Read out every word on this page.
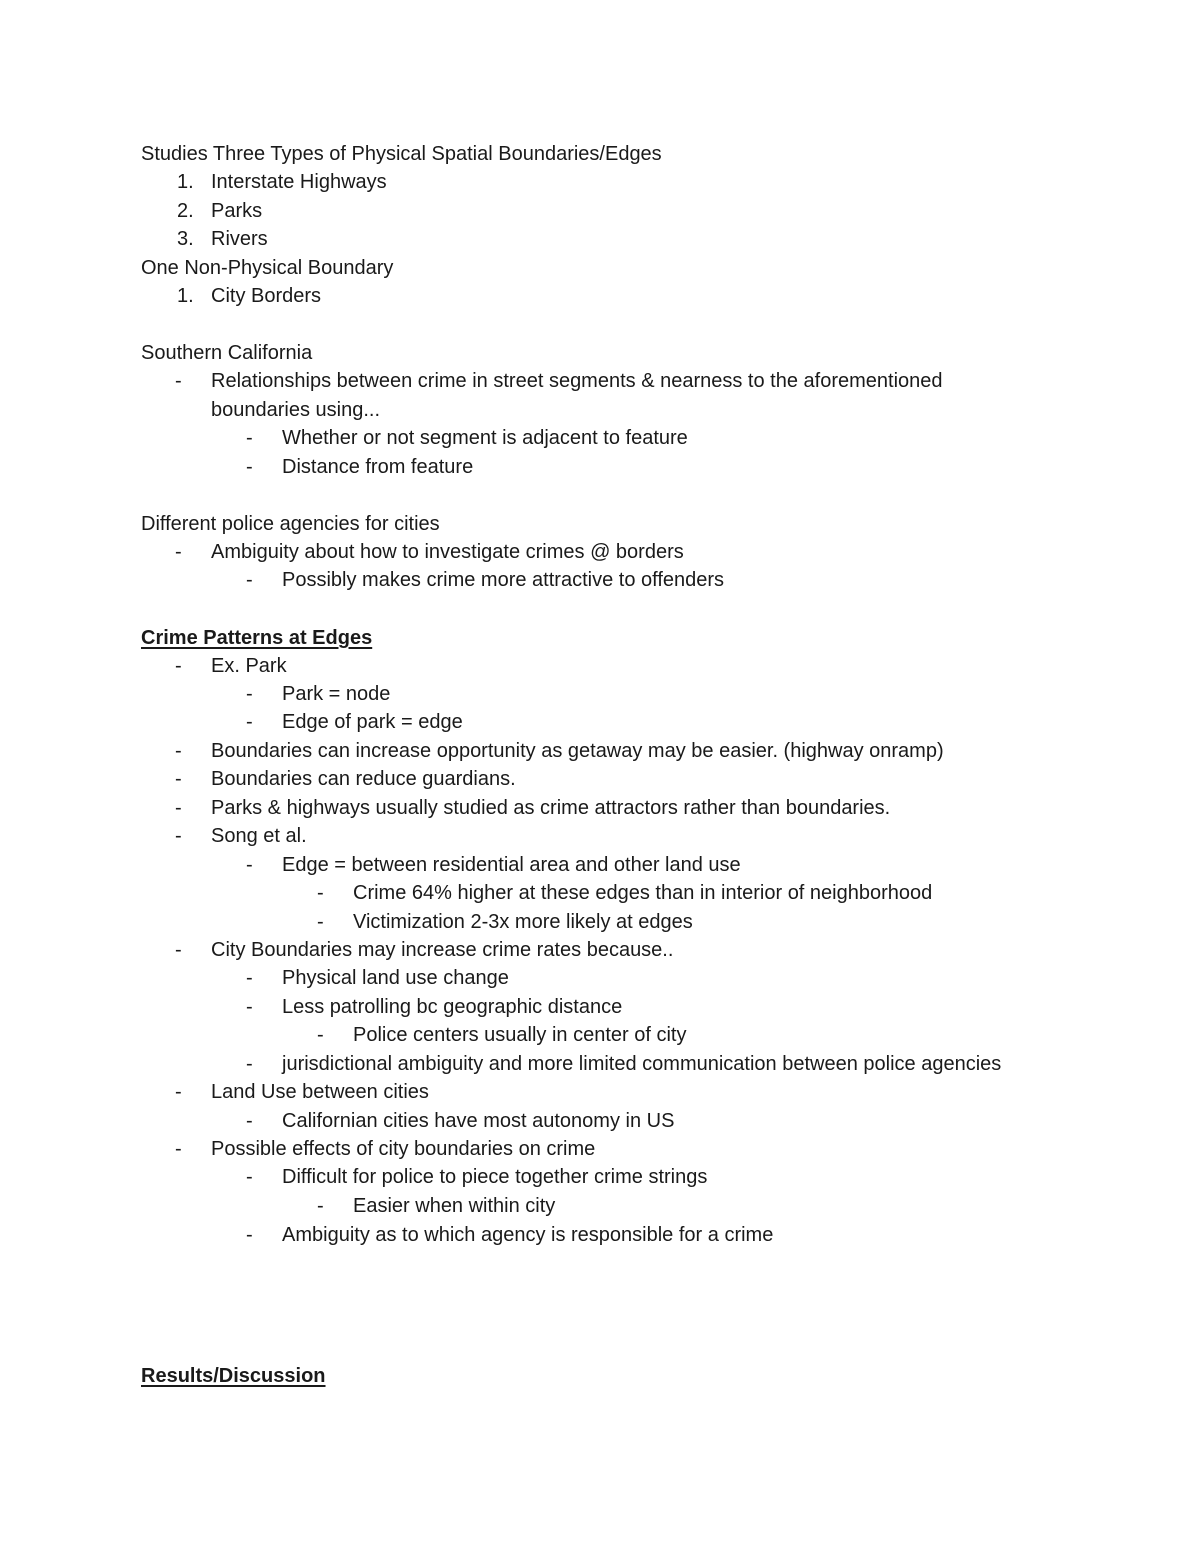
Studies Three Types of Physical Spatial Boundaries/Edges
1. Interstate Highways
2. Parks
3. Rivers
One Non-Physical Boundary
1. City Borders
Southern California
- Relationships between crime in street segments & nearness to the aforementioned
boundaries using...
- Whether or not segment is adjacent to feature
- Distance from feature
Different police agencies for cities
- Ambiguity about how to investigate crimes @ borders
- Possibly makes crime more attractive to offenders
Crime Patterns at Edges
- Ex. Park
- Park = node
- Edge of park = edge
- Boundaries can increase opportunity as getaway may be easier. (highway onramp)
- Boundaries can reduce guardians.
- Parks & highways usually studied as crime attractors rather than boundaries.
- Song et al.
- Edge = between residential area and other land use
- Crime 64% higher at these edges than in interior of neighborhood
- Victimization 2-3x more likely at edges
- City Boundaries may increase crime rates because..
- Physical land use change
- Less patrolling bc geographic distance
- Police centers usually in center of city
- jurisdictional ambiguity and more limited communication between police agencies
- Land Use between cities
- Californian cities have most autonomy in US
- Possible effects of city boundaries on crime
- Difficult for police to piece together crime strings
- Easier when within city
- Ambiguity as to which agency is responsible for a crime
Results/Discussion
